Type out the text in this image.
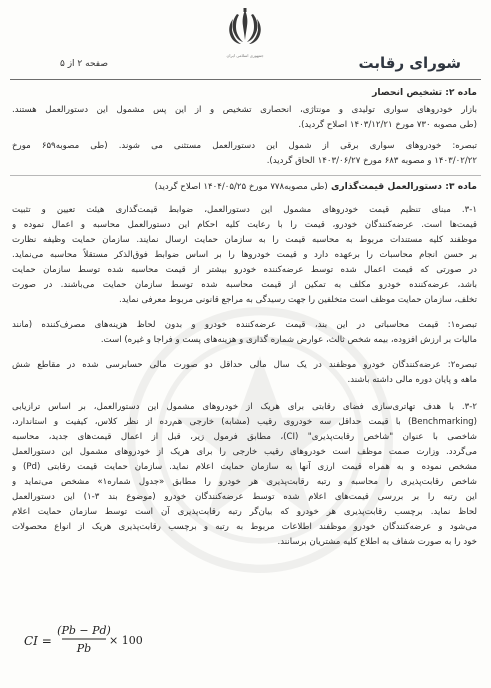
جمهوری اسلامی ایران	شورای رقابت
صفحه ۲ از ۵
ماده ۲: تشخیص انحصار
بازار خودروهای سواری تولیدی و مونتاژی، انحصاری تشخیص و از این پس مشمول این دستورالعمل هستند.
(طی مصوبه ۷۳۰ مورخ ۱۴۰۳/۱۲/۲۱ اصلاح گردید).
تبصره: خودروهای سواری برقی از شمول این دستورالعمل مستثنی می شوند. (طی مصوبه۶۵۹ مورخ
۱۴۰۳/۰۲/۲۲ و مصوبه ۶۸۳ مورخ ۱۴۰۳/۰۶/۲۷ الحاق گردید).
ماده ۳: دستورالعمل قیمت‌گذاری (طی مصوبه۷۷۸ مورخ ۱۴۰۴/۰۵/۲۵ اصلاح گردید)
۳-۱. مبنای تنظیم قیمت خودروهای مشمول این دستورالعمل، ضوابط قیمت‌گذاری هیئت تعیین و تثبیت
قیمت‌ها است. عرضه‌کنندگان خودرو، قیمت را با رعایت کلیه احکام این دستورالعمل محاسبه و اعمال نموده و
موظفند کلیه مستندات مربوط به محاسبه قیمت را به سازمان حمایت ارسال نمایند. سازمان حمایت وظیفه نظارت
بر حسن انجام محاسبات را برعهده دارد و قیمت خودروها را بر اساس ضوابط فوق‌الذکر مستقلاً محاسبه می‌نماید.
در صورتی که قیمت اعمال شده توسط عرضه‌کننده خودرو بیشتر از قیمت محاسبه شده توسط سازمان حمایت
باشد، عرضه‌کننده خودرو مکلف به تمکین از قیمت محاسبه شده توسط سازمان حمایت می‌باشند. در صورت
تخلف، سازمان حمایت موظف است متخلفین را جهت رسیدگی به مراجع قانونی مربوط معرفی نماید.
تبصره۱: قیمت محاسباتی در این بند، قیمت عرضه‌کننده خودرو و بدون لحاظ هزینه‌های مصرف‌کننده (مانند
مالیات بر ارزش افزوده، بیمه شخص ثالث، عوارض شماره گذاری و هزینه‌های پست و فراجا و غیره) است.
تبصره۲: عرضه‌کنندگان خودرو موظفند در یک سال مالی حداقل دو صورت مالی حسابرسی شده در مقاطع شش
ماهه و پایان دوره مالی داشته باشند.
۳-۲. با هدف تهاتری‌سازی فضای رقابتی برای هریک از خودروهای مشمول این دستورالعمل، بر اساس ترازیابی
(Benchmarking) با قیمت حداقل سه خودروی رقیب (مشابه) خارجی هم‌رده از نظر کلاس، کیفیت و استاندارد،
شاخصی با عنوان "شاخص رقابت‌پذیری" (CI)، مطابق فرمول زیر، قبل از اعمال قیمت‌های جدید، محاسبه
می‌گردد. وزارت صمت موظف است خودروهای رقیب خارجی را برای هریک از خودروهای مشمول این دستورالعمل
مشخص نموده و به همراه قیمت ارزی آنها به سازمان حمایت اعلام نماید. سازمان حمایت قیمت رقابتی (Pd) و
شاخص رقابت‌پذیری را محاسبه و رتبه رقابت‌پذیری هر خودرو را مطابق «جدول شماره۱» مشخص می‌نماید و
این رتبه را بر بررسی قیمت‌های اعلام شده توسط عرضه‌کنندگان خودرو (موضوع بند ۳-۱) این دستورالعمل
لحاظ نماید. برچسب رقابت‌پذیری هر خودرو که بیان‌گر رتبه رقابت‌پذیری آن است توسط سازمان حمایت اعلام
می‌شود و عرضه‌کنندگان خودرو موظفند اطلاعات مربوط به رتبه و برچسب رقابت‌پذیری هریک از انواع محصولات
خود را به صورت شفاف به اطلاع کلیه مشتریان برسانند.
CI =
(Pb − Pd)
Pb
× 100
